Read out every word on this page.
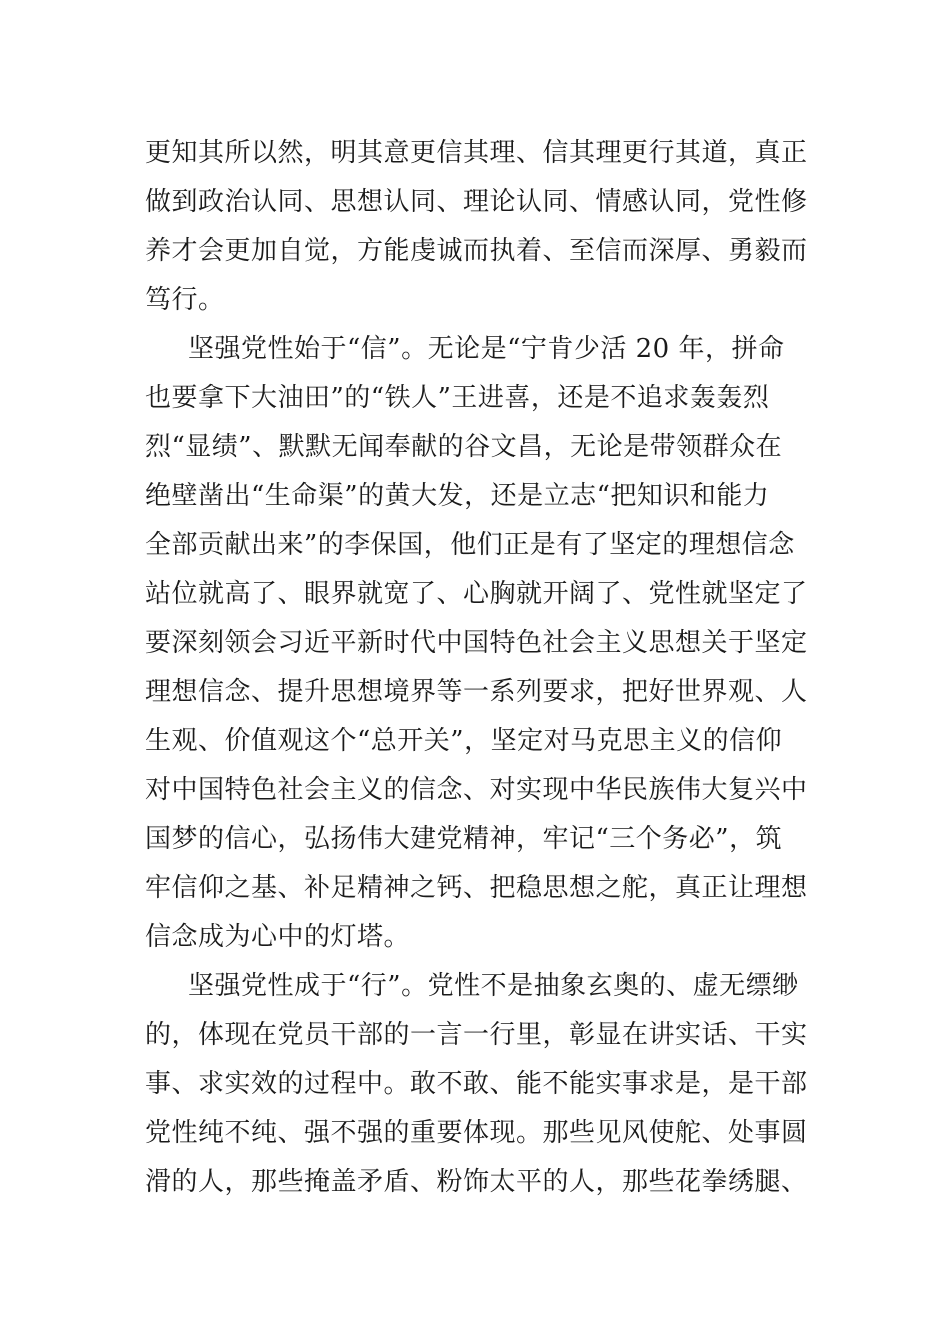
更知其所以然，明其意更信其理、信其理更行其道，真正
做到政治认同、思想认同、理论认同、情感认同，党性修
养才会更加自觉，方能虔诚而执着、至信而深厚、勇毅而
笃行。
坚强党性始于“信”。无论是“宁肯少活 20 年，拼命
也要拿下大油田”的“铁人”王进喜，还是不追求轰轰烈
烈“显绩”、默默无闻奉献的谷文昌，无论是带领群众在
绝壁凿出“生命渠”的黄大发，还是立志“把知识和能力
全部贡献出来”的李保国，他们正是有了坚定的理想信念
站位就高了、眼界就宽了、心胸就开阔了、党性就坚定了
要深刻领会习近平新时代中国特色社会主义思想关于坚定
理想信念、提升思想境界等一系列要求，把好世界观、人
生观、价值观这个“总开关”，坚定对马克思主义的信仰
对中国特色社会主义的信念、对实现中华民族伟大复兴中
国梦的信心，弘扬伟大建党精神，牢记“三个务必”，筑
牢信仰之基、补足精神之钙、把稳思想之舵，真正让理想
信念成为心中的灯塔。
坚强党性成于“行”。党性不是抽象玄奥的、虚无缥缈
的，体现在党员干部的一言一行里，彰显在讲实话、干实
事、求实效的过程中。敢不敢、能不能实事求是，是干部
党性纯不纯、强不强的重要体现。那些见风使舵、处事圆
滑的人，那些掩盖矛盾、粉饰太平的人，那些花拳绣腿、
